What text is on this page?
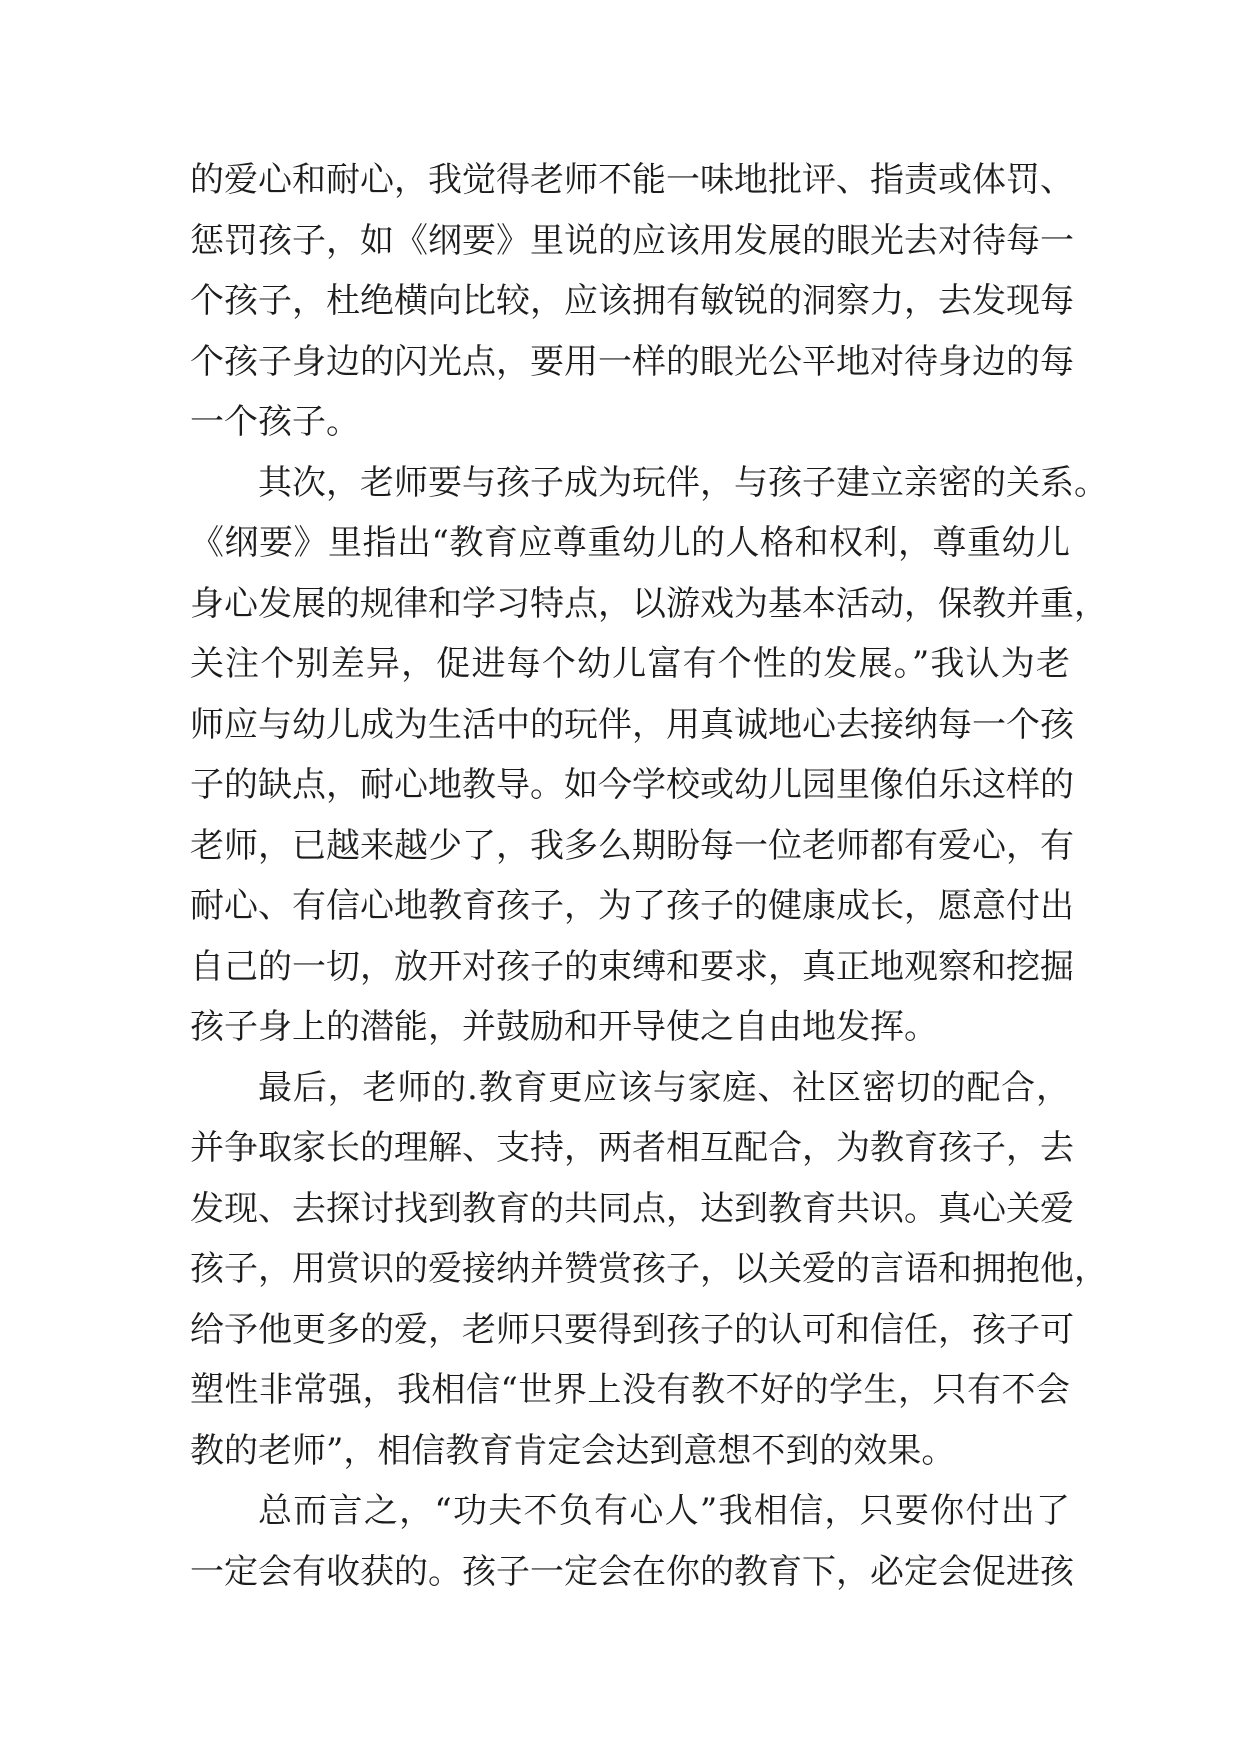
的爱心和耐心，我觉得老师不能一味地批评、指责或体罚、
惩罚孩子，如《纲要》里说的应该用发展的眼光去对待每一
个孩子，杜绝横向比较，应该拥有敏锐的洞察力，去发现每
个孩子身边的闪光点，要用一样的眼光公平地对待身边的每
一个孩子。
其次，老师要与孩子成为玩伴，与孩子建立亲密的关系。
《纲要》里指出“教育应尊重幼儿的人格和权利，尊重幼儿
身心发展的规律和学习特点，以游戏为基本活动，保教并重，
关注个别差异，促进每个幼儿富有个性的发展。”我认为老
师应与幼儿成为生活中的玩伴，用真诚地心去接纳每一个孩
子的缺点，耐心地教导。如今学校或幼儿园里像伯乐这样的
老师，已越来越少了，我多么期盼每一位老师都有爱心，有
耐心、有信心地教育孩子，为了孩子的健康成长，愿意付出
自己的一切，放开对孩子的束缚和要求，真正地观察和挖掘
孩子身上的潜能，并鼓励和开导使之自由地发挥。
最后，老师的.教育更应该与家庭、社区密切的配合，
并争取家长的理解、支持，两者相互配合，为教育孩子，去
发现、去探讨找到教育的共同点，达到教育共识。真心关爱
孩子，用赏识的爱接纳并赞赏孩子，以关爱的言语和拥抱他，
给予他更多的爱，老师只要得到孩子的认可和信任，孩子可
塑性非常强，我相信“世界上没有教不好的学生，只有不会
教的老师”，相信教育肯定会达到意想不到的效果。
总而言之，“功夫不负有心人”我相信，只要你付出了
一定会有收获的。孩子一定会在你的教育下，必定会促进孩
